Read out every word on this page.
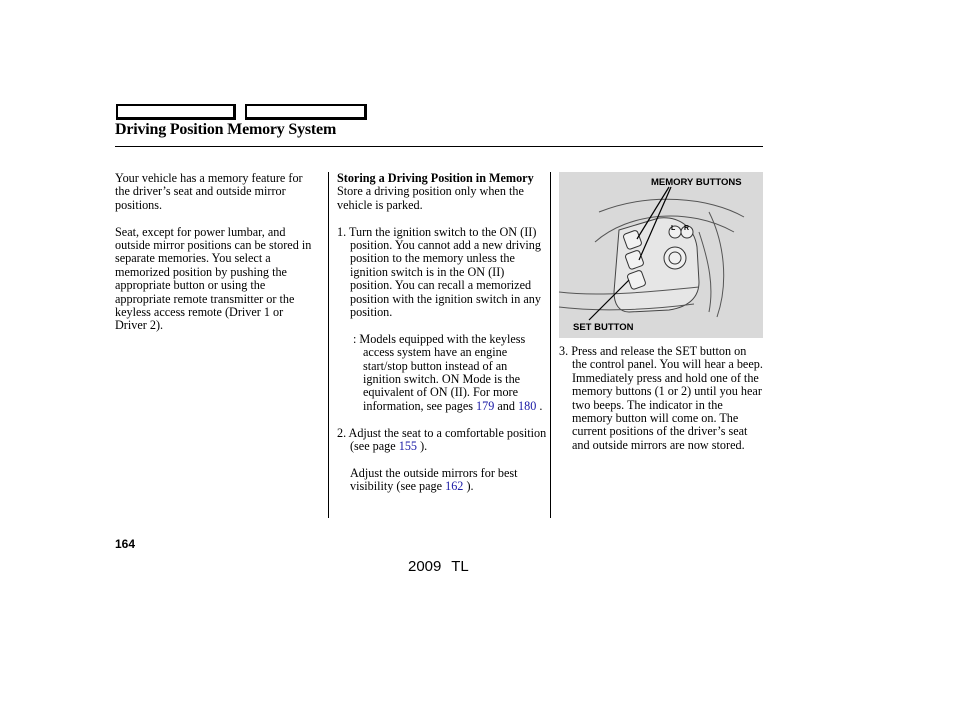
Driving Position Memory System

Your vehicle has a memory feature for the driver’s seat and outside mirror positions.

Seat, except for power lumbar, and outside mirror positions can be stored in separate memories. You select a memorized position by pushing the appropriate button or using the appropriate remote transmitter or the keyless access remote (Driver 1 or Driver 2).

Storing a Driving Position in Memory

Store a driving position only when the vehicle is parked.

1. Turn the ignition switch to the ON (II) position. You cannot add a new driving position to the memory unless the ignition switch is in the ON (II) position. You can recall a memorized position with the ignition switch in any position.

: Models equipped with the keyless access system have an engine start/stop button instead of an ignition switch. ON Mode is the equivalent of ON (II). For more information, see pages 179 and 180 .

2. Adjust the seat to a comfortable position (see page 155 ).

Adjust the outside mirrors for best visibility (see page 162 ).

L R
MEMORY BUTTONS
SET BUTTON

3. Press and release the SET button on the control panel. You will hear a beep. Immediately press and hold one of the memory buttons (1 or 2) until you hear two beeps. The indicator in the memory button will come on. The current positions of the driver’s seat and outside mirrors are now stored.

164
2009 TL
